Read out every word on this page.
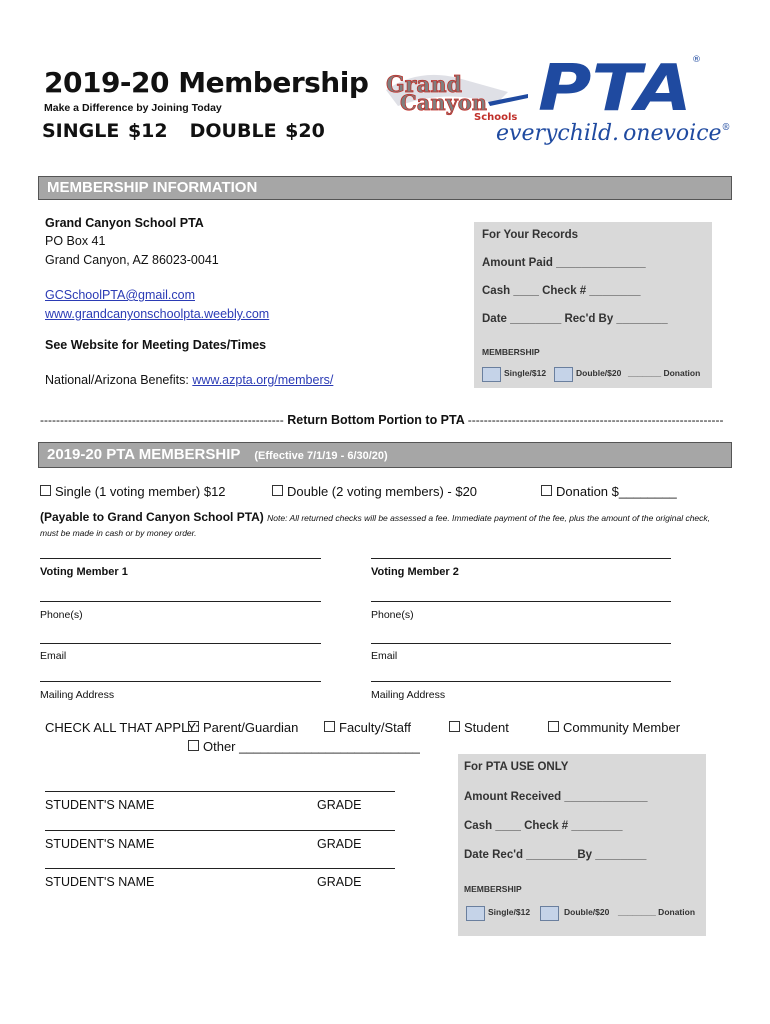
2019-20 Membership
Make a Difference by Joining Today
SINGLE $12 DOUBLE $20
Grand
Canyon
Schools PTA ®
everychild. onevoice®
MEMBERSHIP INFORMATION
Grand Canyon School PTA
PO Box 41
Grand Canyon, AZ 86023-0041
GCSchoolPTA@gmail.com
www.grandcanyonschoolpta.weebly.com
See Website for Meeting Dates/Times
National/Arizona Benefits: www.azpta.org/members/
For Your Records
Amount Paid ______________
Cash ____ Check # ________
Date ________ Rec'd By ________
MEMBERSHIP
Single/$12	Double/$20 _______ Donation
------------------------------------------------------------- Return Bottom Portion to PTA ----------------------------------------------------------------
2019-20 PTA MEMBERSHIP (Effective 7/1/19 - 6/30/20)
Single (1 voting member) $12	Double (2 voting members) - $20	Donation $________
(Payable to Grand Canyon School PTA) Note: All returned checks will be assessed a fee. Immediate payment of the fee, plus the amount of the original check, must be made in cash or by money order.
Voting Member 1	Voting Member 2
Phone(s)	Phone(s)
Email	Email
Mailing Address	Mailing Address
CHECK ALL THAT APPLY: Parent/Guardian	Faculty/Staff	Student	Community Member
Other _________________________
STUDENT'S NAME	GRADE
STUDENT'S NAME	GRADE
STUDENT'S NAME	GRADE
For PTA USE ONLY
Amount Received _____________
Cash ____ Check # ________
Date Rec'd ________By ________
MEMBERSHIP
Single/$12	Double/$20 ________ Donation
